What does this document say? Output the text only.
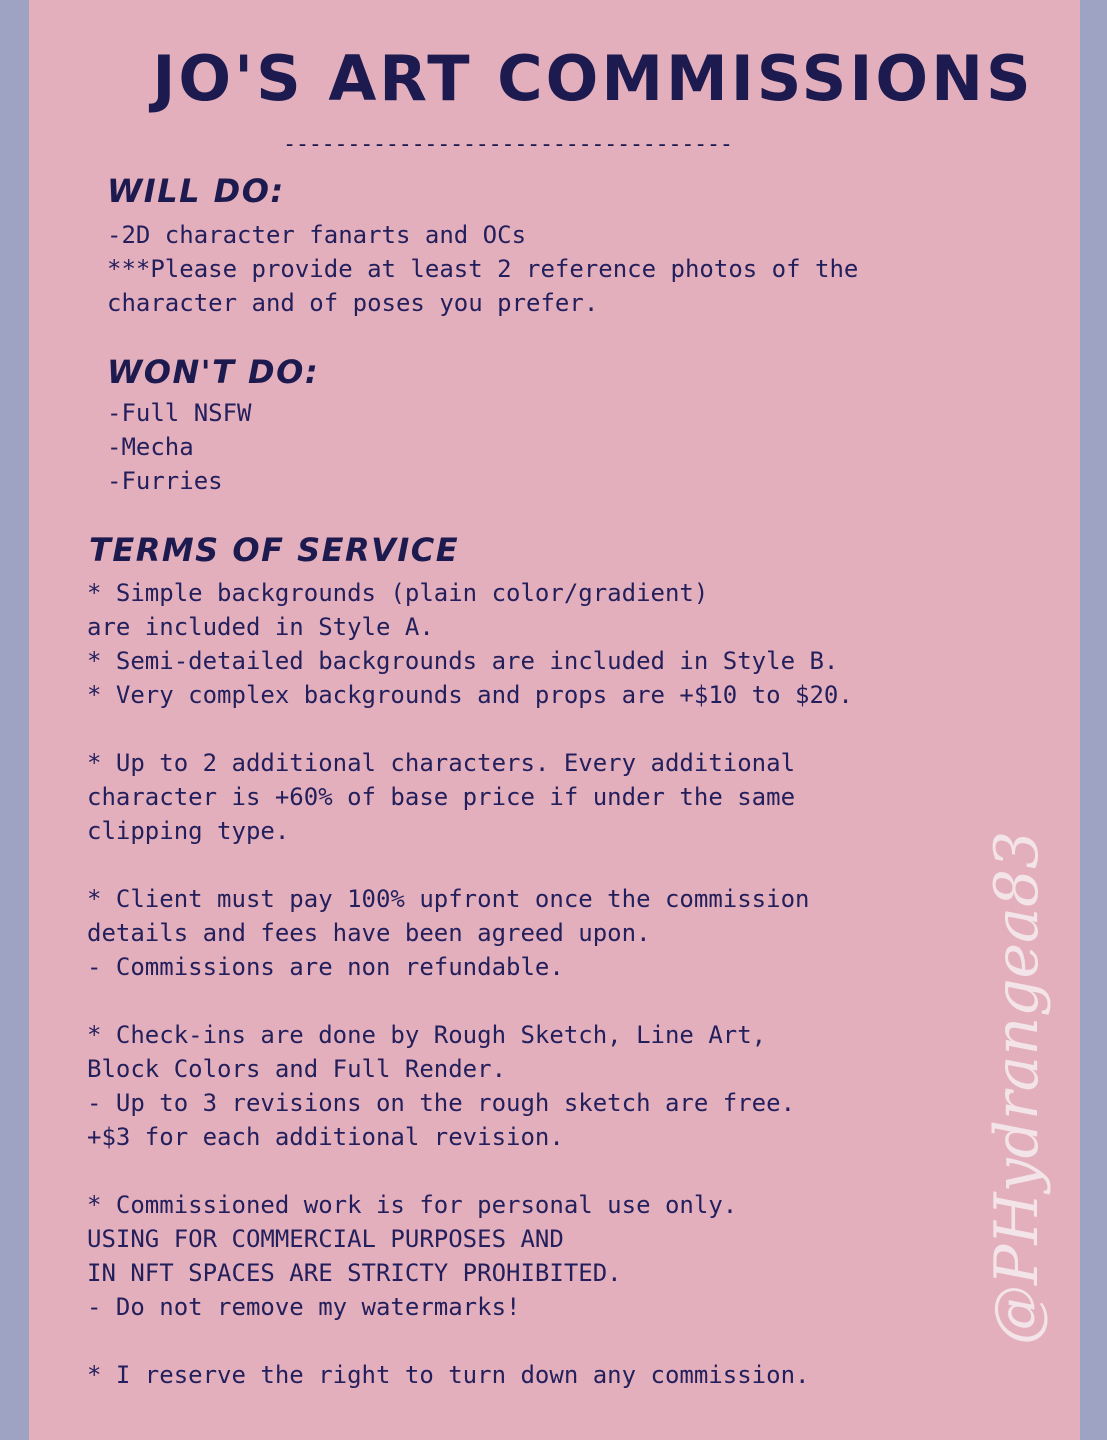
JO'S ART COMMISSIONS
-----------------------------------
WILL DO:
-2D character fanarts and OCs
***Please provide at least 2 reference photos of the
character and of poses you prefer.
WON'T DO:
-Full NSFW
-Mecha
-Furries
TERMS OF SERVICE
* Simple backgrounds (plain color/gradient)
are included in Style A.
* Semi-detailed backgrounds are included in Style B.
* Very complex backgrounds and props are +$10 to $20.
* Up to 2 additional characters. Every additional
character is +60% of base price if under the same
clipping type.
* Client must pay 100% upfront once the commission
details and fees have been agreed upon.
- Commissions are non refundable.
* Check-ins are done by Rough Sketch, Line Art,
Block Colors and Full Render.
- Up to 3 revisions on the rough sketch are free.
+$3 for each additional revision.
* Commissioned work is for personal use only.
USING FOR COMMERCIAL PURPOSES AND
IN NFT SPACES ARE STRICTY PROHIBITED.
- Do not remove my watermarks!
* I reserve the right to turn down any commission.
@PHydrangea83
